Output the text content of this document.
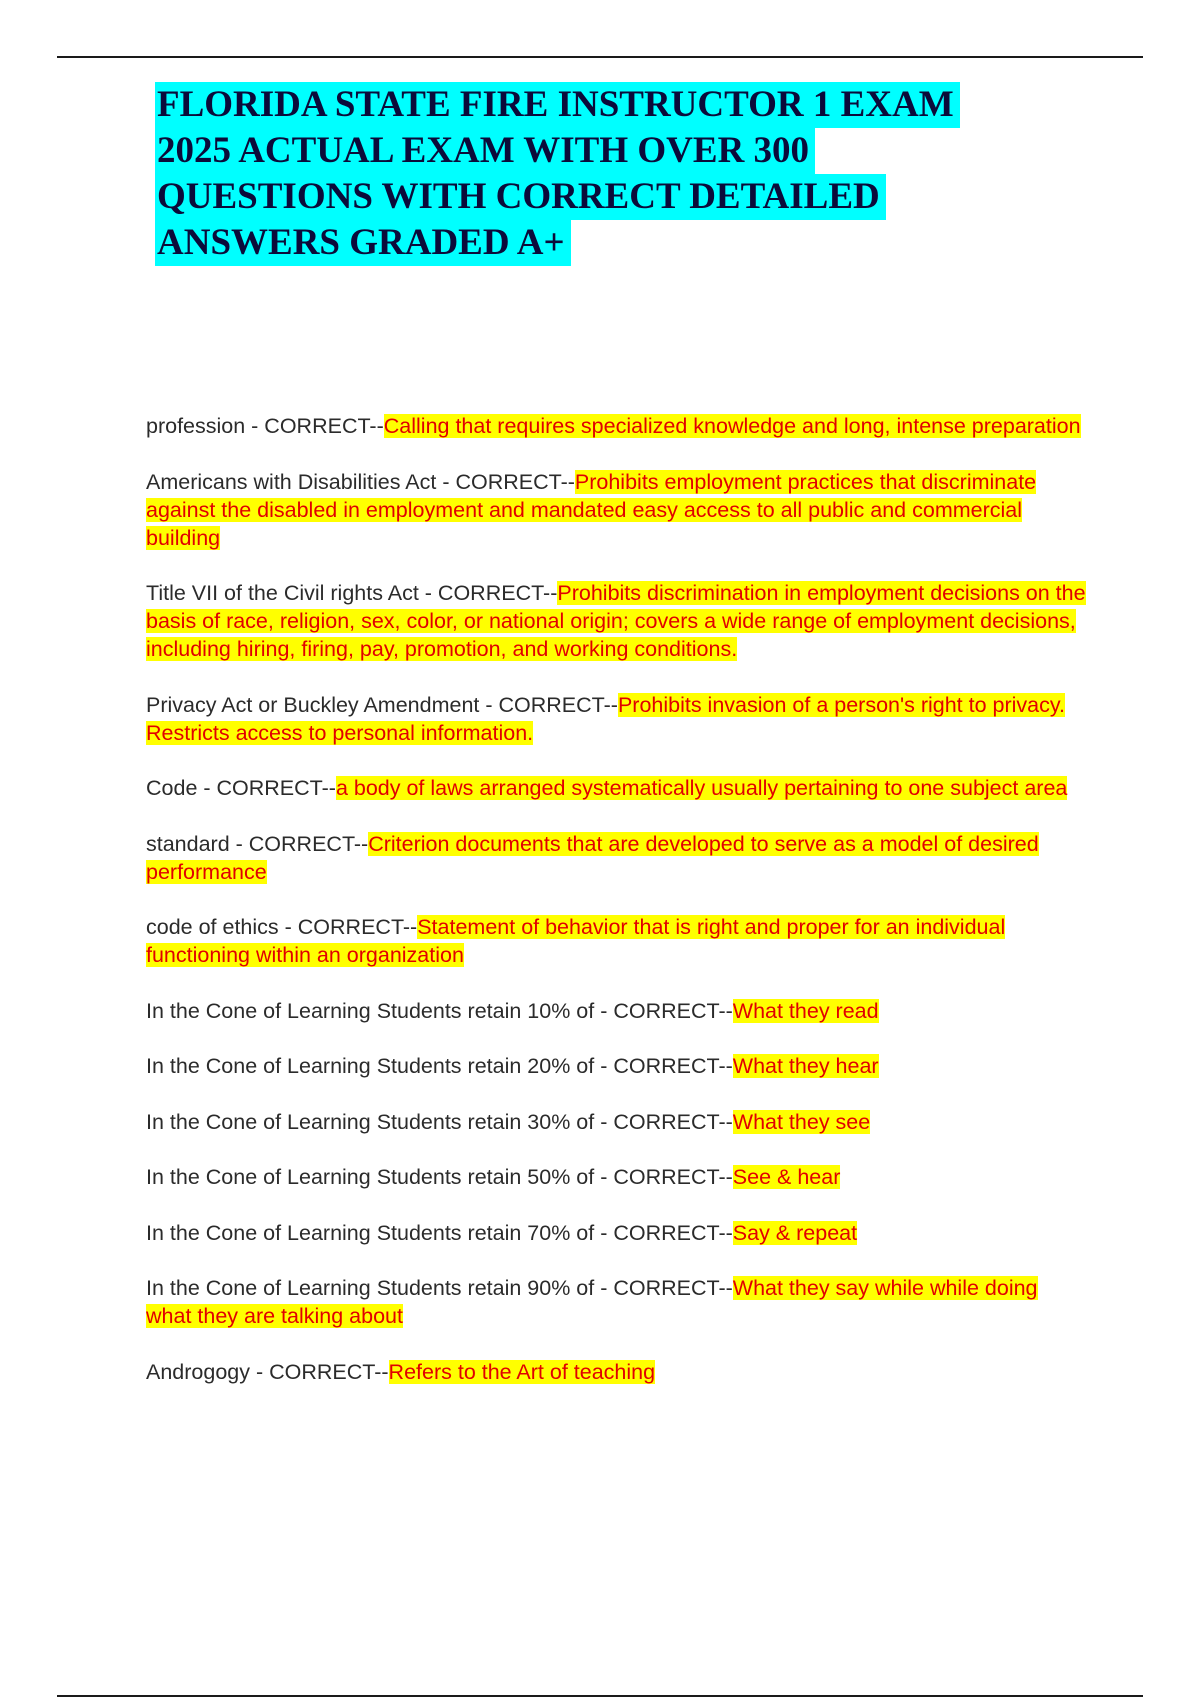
FLORIDA STATE FIRE INSTRUCTOR 1 EXAM
2025 ACTUAL EXAM WITH OVER 300
QUESTIONS WITH CORRECT DETAILED
ANSWERS GRADED A+

profession - CORRECT--Calling that requires specialized knowledge and long, intense preparation

Americans with Disabilities Act - CORRECT--Prohibits employment practices that discriminate against the disabled in employment and mandated easy access to all public and commercial building

Title VII of the Civil rights Act - CORRECT--Prohibits discrimination in employment decisions on the basis of race, religion, sex, color, or national origin; covers a wide range of employment decisions, including hiring, firing, pay, promotion, and working conditions.

Privacy Act or Buckley Amendment - CORRECT--Prohibits invasion of a person's right to privacy. Restricts access to personal information.

Code - CORRECT--a body of laws arranged systematically usually pertaining to one subject area

standard - CORRECT--Criterion documents that are developed to serve as a model of desired performance

code of ethics - CORRECT--Statement of behavior that is right and proper for an individual functioning within an organization

In the Cone of Learning Students retain 10% of - CORRECT--What they read

In the Cone of Learning Students retain 20% of - CORRECT--What they hear

In the Cone of Learning Students retain 30% of - CORRECT--What they see

In the Cone of Learning Students retain 50% of - CORRECT--See & hear

In the Cone of Learning Students retain 70% of - CORRECT--Say & repeat

In the Cone of Learning Students retain 90% of - CORRECT--What they say while while doing what they are talking about

Androgogy - CORRECT--Refers to the Art of teaching
